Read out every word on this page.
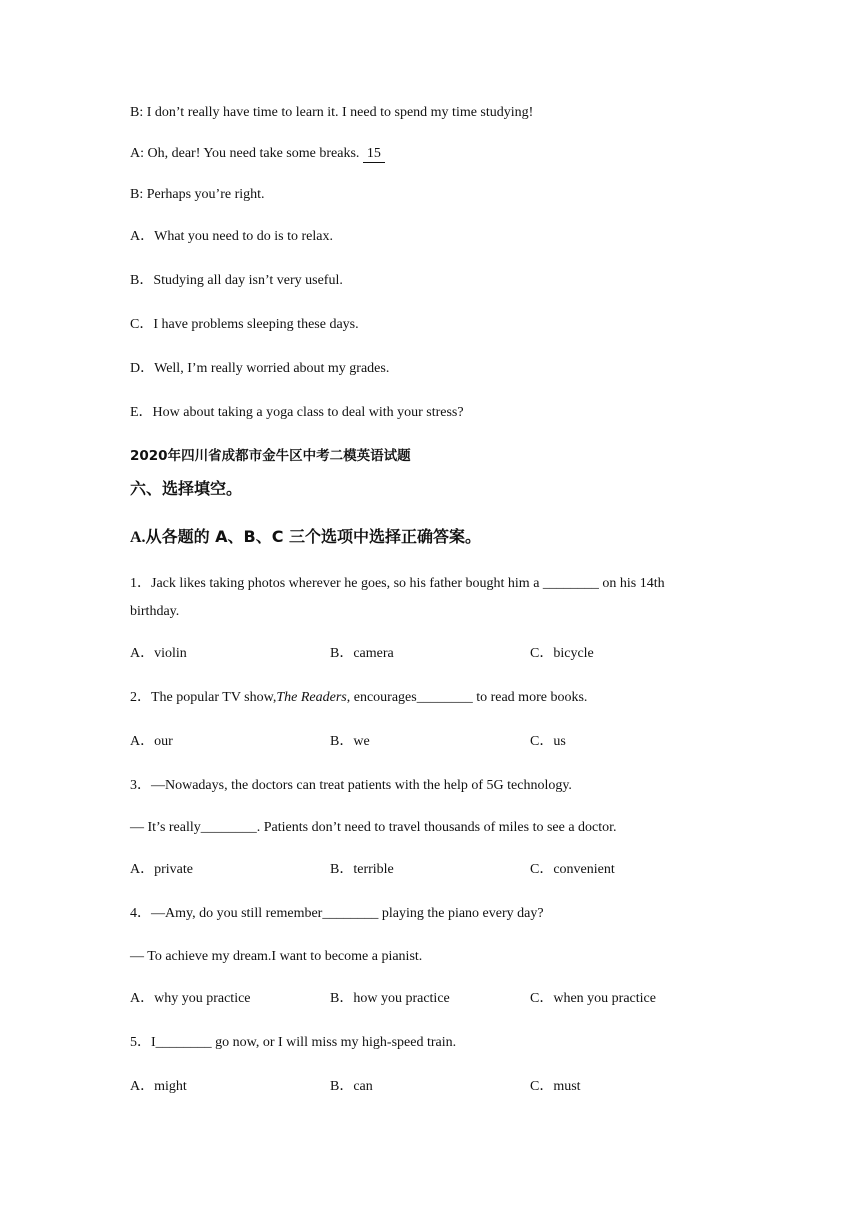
B: I don’t really have time to learn it. I need to spend my time studying!
A: Oh, dear! You need take some breaks. 15
B: Perhaps you’re right.
A．What you need to do is to relax.
B．Studying all day isn’t very useful.
C．I have problems sleeping these days.
D．Well, I’m really worried about my grades.
E．How about taking a yoga class to deal with your stress?
2020年四川省成都市金牛区中考二模英语试题
六、选择填空。
A.从各题的 A、B、C 三个选项中选择正确答案。
1．Jack likes taking photos wherever he goes, so his father bought him a ________ on his 14th
birthday.
A．violin	B．camera	C．bicycle
2．The popular TV show,The Readers, encourages________ to read more books.
A．our	B．we	C．us
3．—Nowadays, the doctors can treat patients with the help of 5G technology.
— It’s really________. Patients don’t need to travel thousands of miles to see a doctor.
A．private	B．terrible	C．convenient
4．—Amy, do you still remember________ playing the piano every day?
— To achieve my dream.I want to become a pianist.
A．why you practice	B．how you practice	C．when you practice
5．I________ go now, or I will miss my high-speed train.
A．might	B．can	C．must
